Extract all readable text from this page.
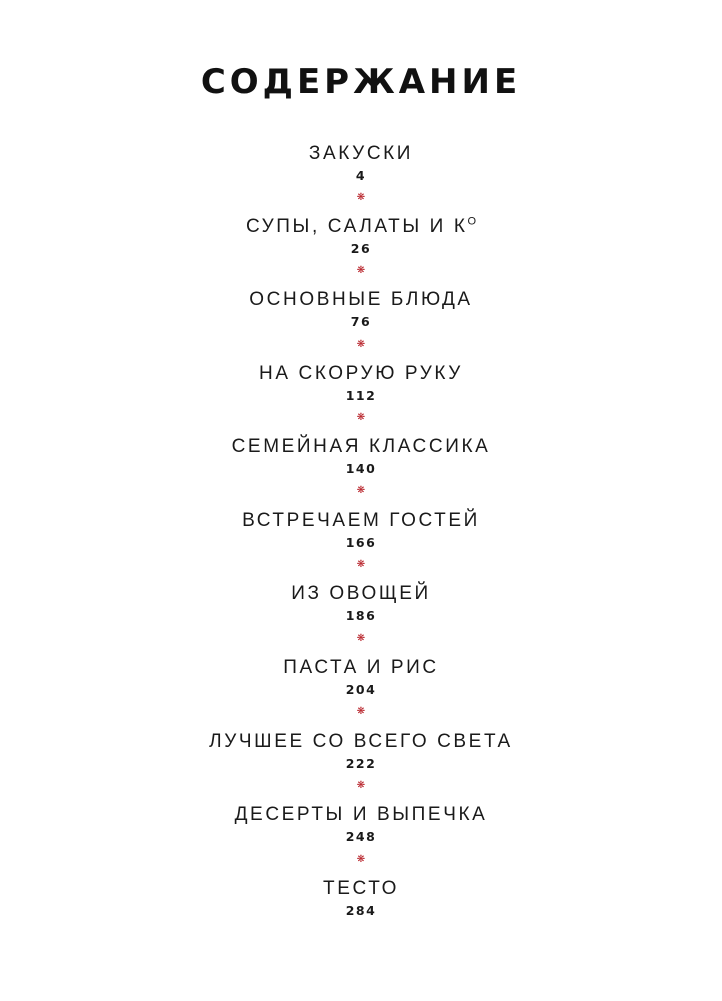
СОДЕРЖАНИЕ
ЗАКУСКИ
4
❋
СУПЫ, САЛАТЫ И $К^О$
26
❋
ОСНОВНЫЕ БЛЮДА
76
❋
НА СКОРУЮ РУКУ
112
❋
СЕМЕЙНАЯ КЛАССИКА
140
❋
ВСТРЕЧАЕМ ГОСТЕЙ
166
❋
ИЗ ОВОЩЕЙ
186
❋
ПАСТА И РИС
204
❋
ЛУЧШЕЕ СО ВСЕГО СВЕТА
222
❋
ДЕСЕРТЫ И ВЫПЕЧКА
248
❋
ТЕСТО
284
